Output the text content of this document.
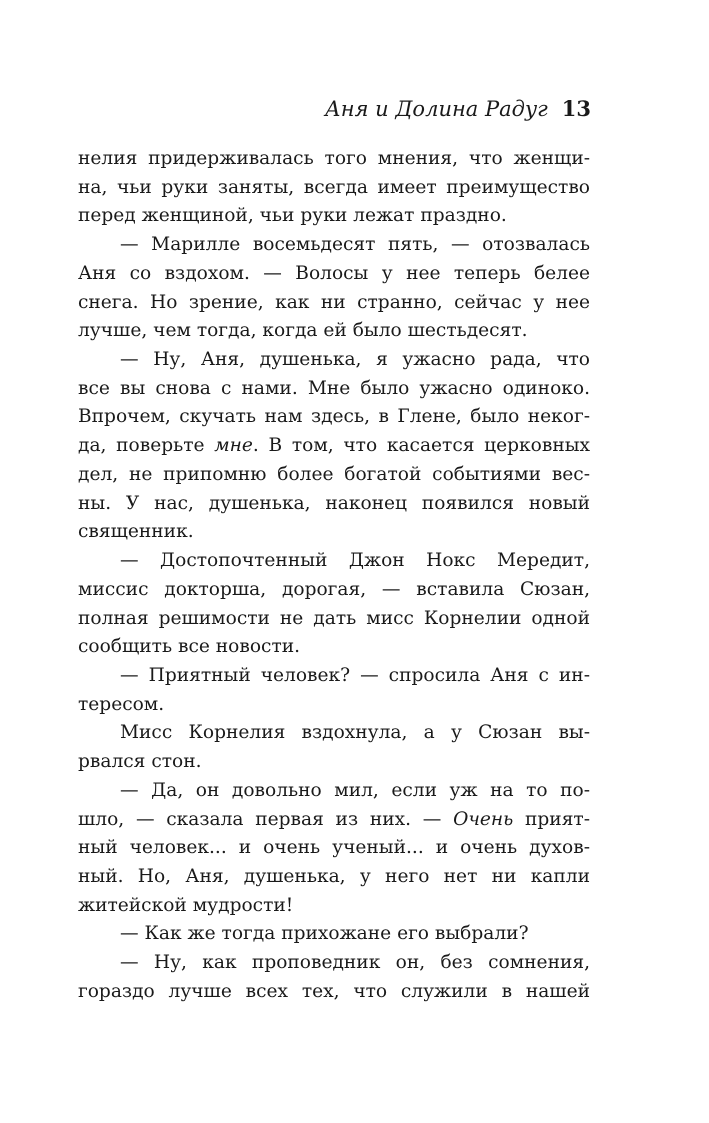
Аня и Долина Радуг 13
нелия придерживалась того мнения, что женщи-
на, чьи руки заняты, всегда имеет преимущество
перед женщиной, чьи руки лежат праздно.
— Марилле восемьдесят пять, — отозвалась
Аня со вздохом. — Волосы у нее теперь белее
снега. Но зрение, как ни странно, сейчас у нее
лучше, чем тогда, когда ей было шестьдесят.
— Ну, Аня, душенька, я ужасно рада, что
все вы снова с нами. Мне было ужасно одиноко.
Впрочем, скучать нам здесь, в Глене, было неког-
да, поверьте мне. В том, что касается церковных
дел, не припомню более богатой событиями вес-
ны. У нас, душенька, наконец появился новый
священник.
— Достопочтенный Джон Нокс Мередит,
миссис докторша, дорогая, — вставила Сюзан,
полная решимости не дать мисс Корнелии одной
сообщить все новости.
— Приятный человек? — спросила Аня с ин-
тересом.
Мисс Корнелия вздохнула, а у Сюзан вы-
рвался стон.
— Да, он довольно мил, если уж на то по-
шло, — сказала первая из них. — Очень прият-
ный человек... и очень ученый... и очень духов-
ный. Но, Аня, душенька, у него нет ни капли
житейской мудрости!
— Как же тогда прихожане его выбрали?
— Ну, как проповедник он, без сомнения,
гораздо лучше всех тех, что служили в нашей
